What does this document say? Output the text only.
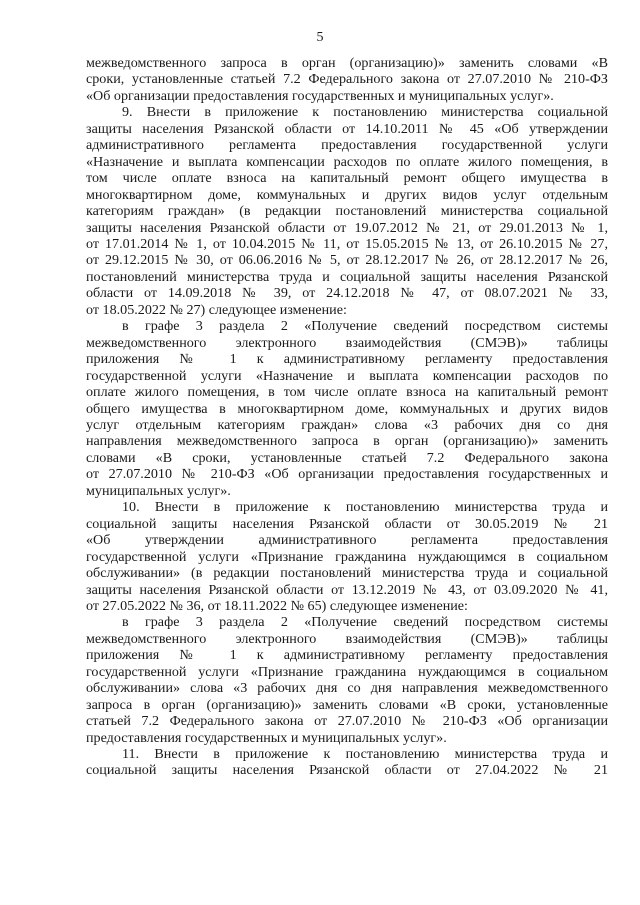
5
межведомственного запроса в орган (организацию)» заменить словами «В
сроки, установленные статьей 7.2 Федерального закона от 27.07.2010 № 210-ФЗ
«Об организации предоставления государственных и муниципальных услуг».
9. Внести в приложение к постановлению министерства социальной
защиты населения Рязанской области от 14.10.2011 № 45 «Об утверждении
административного регламента предоставления государственной услуги
«Назначение и выплата компенсации расходов по оплате жилого помещения, в
том числе оплате взноса на капитальный ремонт общего имущества в
многоквартирном доме, коммунальных и других видов услуг отдельным
категориям граждан» (в редакции постановлений министерства социальной
защиты населения Рязанской области от 19.07.2012 № 21, от 29.01.2013 № 1,
от 17.01.2014 № 1, от 10.04.2015 № 11, от 15.05.2015 № 13, от 26.10.2015 № 27,
от 29.12.2015 № 30, от 06.06.2016 № 5, от 28.12.2017 № 26, от 28.12.2017 № 26,
постановлений министерства труда и социальной защиты населения Рязанской
области от 14.09.2018 № 39, от 24.12.2018 № 47, от 08.07.2021 № 33,
от 18.05.2022 № 27) следующее изменение:
в графе 3 раздела 2 «Получение сведений посредством системы
межведомственного электронного взаимодействия (СМЭВ)» таблицы
приложения № 1 к административному регламенту предоставления
государственной услуги «Назначение и выплата компенсации расходов по
оплате жилого помещения, в том числе оплате взноса на капитальный ремонт
общего имущества в многоквартирном доме, коммунальных и других видов
услуг отдельным категориям граждан» слова «3 рабочих дня со дня
направления межведомственного запроса в орган (организацию)» заменить
словами «В сроки, установленные статьей 7.2 Федерального закона
от 27.07.2010 № 210-ФЗ «Об организации предоставления государственных и
муниципальных услуг».
10. Внести в приложение к постановлению министерства труда и
социальной защиты населения Рязанской области от 30.05.2019 № 21
«Об утверждении административного регламента предоставления
государственной услуги «Признание гражданина нуждающимся в социальном
обслуживании» (в редакции постановлений министерства труда и социальной
защиты населения Рязанской области от 13.12.2019 № 43, от 03.09.2020 № 41,
от 27.05.2022 № 36, от 18.11.2022 № 65) следующее изменение:
в графе 3 раздела 2 «Получение сведений посредством системы
межведомственного электронного взаимодействия (СМЭВ)» таблицы
приложения № 1 к административному регламенту предоставления
государственной услуги «Признание гражданина нуждающимся в социальном
обслуживании» слова «3 рабочих дня со дня направления межведомственного
запроса в орган (организацию)» заменить словами «В сроки, установленные
статьей 7.2 Федерального закона от 27.07.2010 № 210-ФЗ «Об организации
предоставления государственных и муниципальных услуг».
11. Внести в приложение к постановлению министерства труда и
социальной защиты населения Рязанской области от 27.04.2022 № 21
